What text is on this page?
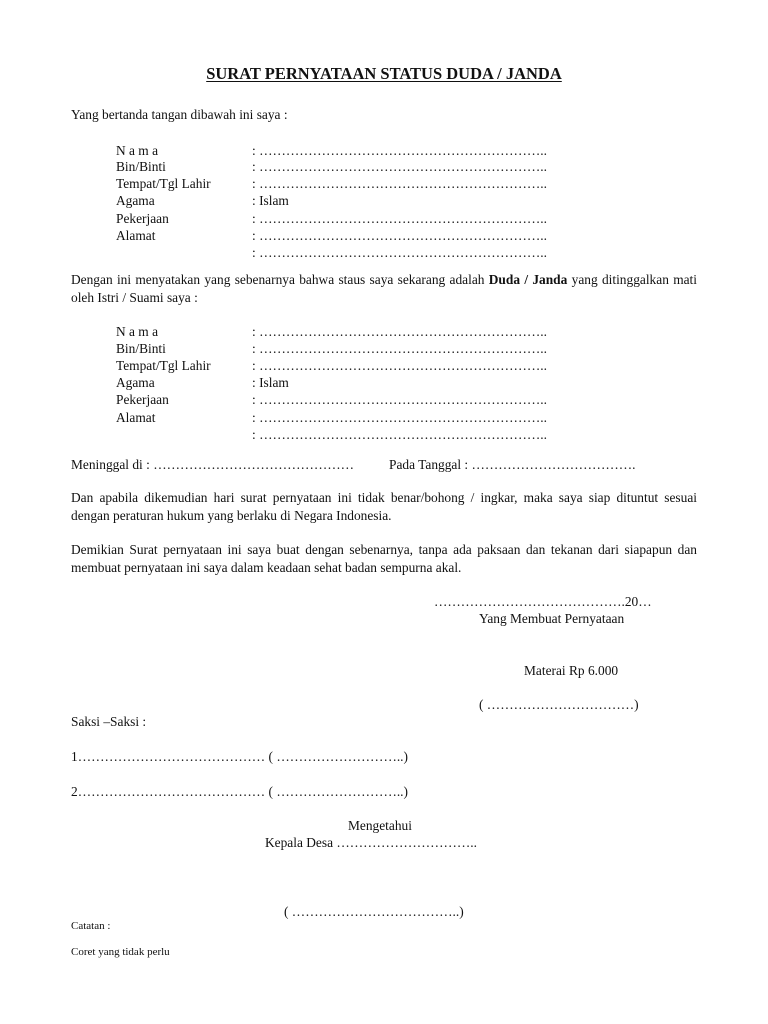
SURAT PERNYATAAN STATUS DUDA / JANDA
Yang bertanda tangan dibawah ini saya :
N a m a	: ………………………………………………………..
Bin/Binti	: ………………………………………………………..
Tempat/Tgl Lahir	: ………………………………………………………..
Agama	: Islam
Pekerjaan	: ………………………………………………………..
Alamat	: ………………………………………………………..
: ………………………………………………………..
Dengan ini menyatakan yang sebenarnya bahwa staus saya sekarang adalah Duda / Janda yang ditinggalkan mati oleh Istri / Suami saya :
N a m a	: ………………………………………………………..
Bin/Binti	: ………………………………………………………..
Tempat/Tgl Lahir	: ………………………………………………………..
Agama	: Islam
Pekerjaan	: ………………………………………………………..
Alamat	: ………………………………………………………..
: ………………………………………………………..
Meninggal di : ………………………………………	Pada Tanggal : ……………………………….
Dan apabila dikemudian hari surat pernyataan ini tidak benar/bohong / ingkar, maka saya siap dituntut sesuai dengan peraturan hukum yang berlaku di Negara Indonesia.
Demikian Surat pernyataan ini saya buat dengan sebenarnya, tanpa ada paksaan dan tekanan dari siapapun dan membuat pernyataan ini saya dalam keadaan sehat badan sempurna akal.
…………………………………….20…
Yang Membuat Pernyataan
Materai Rp 6.000
( ……………………………)
Saksi –Saksi :
1…………………………………… ( ………………………..)
2…………………………………… ( ………………………..)
Mengetahui
Kepala Desa …………………………..
( ………………………………..)
Catatan :
Coret yang tidak perlu
